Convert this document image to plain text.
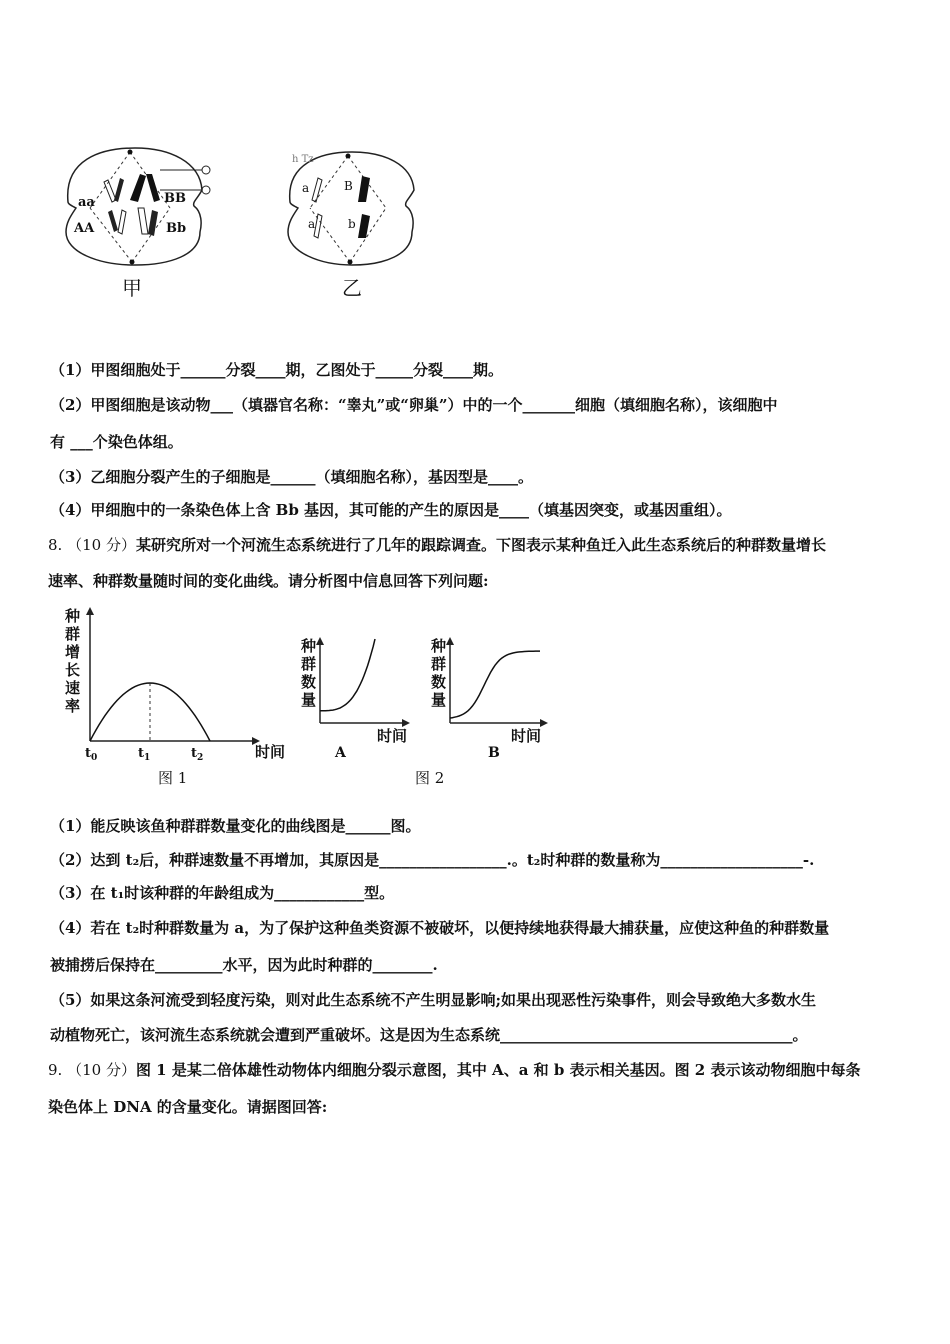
aa
AA
BB
Bb
甲
h Tz
a	B
a	b
乙
（1）甲图细胞处于______分裂____期，乙图处于_____分裂____期。
（2）甲图细胞是该动物___（填器官名称：“睾丸”或“卵巢”）中的一个_______细胞（填细胞名称），该细胞中
有 ___个染色体组。
（3）乙细胞分裂产生的子细胞是______（填细胞名称），基因型是____。
（4）甲细胞中的一条染色体上含 Bb 基因，其可能的产生的原因是____（填基因突变，或基因重组）。
8. （10 分）某研究所对一个河流生态系统进行了几年的跟踪调查。下图表示某种鱼迁入此生态系统后的种群数量增长
速率、种群数量随时间的变化曲线。请分析图中信息回答下列问题:
种群增长速率
$t_0$	$t_1$	$t_2$	时间
图 1
种群数量
时间
A
种群数量
时间
B
图 2
（1）能反映该鱼种群群数量变化的曲线图是______图。
（2）达到 t₂后，种群速数量不再增加，其原因是_________________.。t₂时种群的数量称为___________________-.
（3）在 t₁时该种群的年龄组成为____________型。
（4）若在 t₂时种群数量为 a，为了保护这种鱼类资源不被破坏，以便持续地获得最大捕获量，应使这种鱼的种群数量
被捕捞后保持在_________水平，因为此时种群的________.
（5）如果这条河流受到轻度污染，则对此生态系统不产生明显影响;如果出现恶性污染事件，则会导致绝大多数水生
动植物死亡，该河流生态系统就会遭到严重破坏。这是因为生态系统_______________________________________。
9. （10 分）图 1 是某二倍体雄性动物体内细胞分裂示意图，其中 A、a 和 b 表示相关基因。图 2 表示该动物细胞中每条
染色体上 DNA 的含量变化。请据图回答:
